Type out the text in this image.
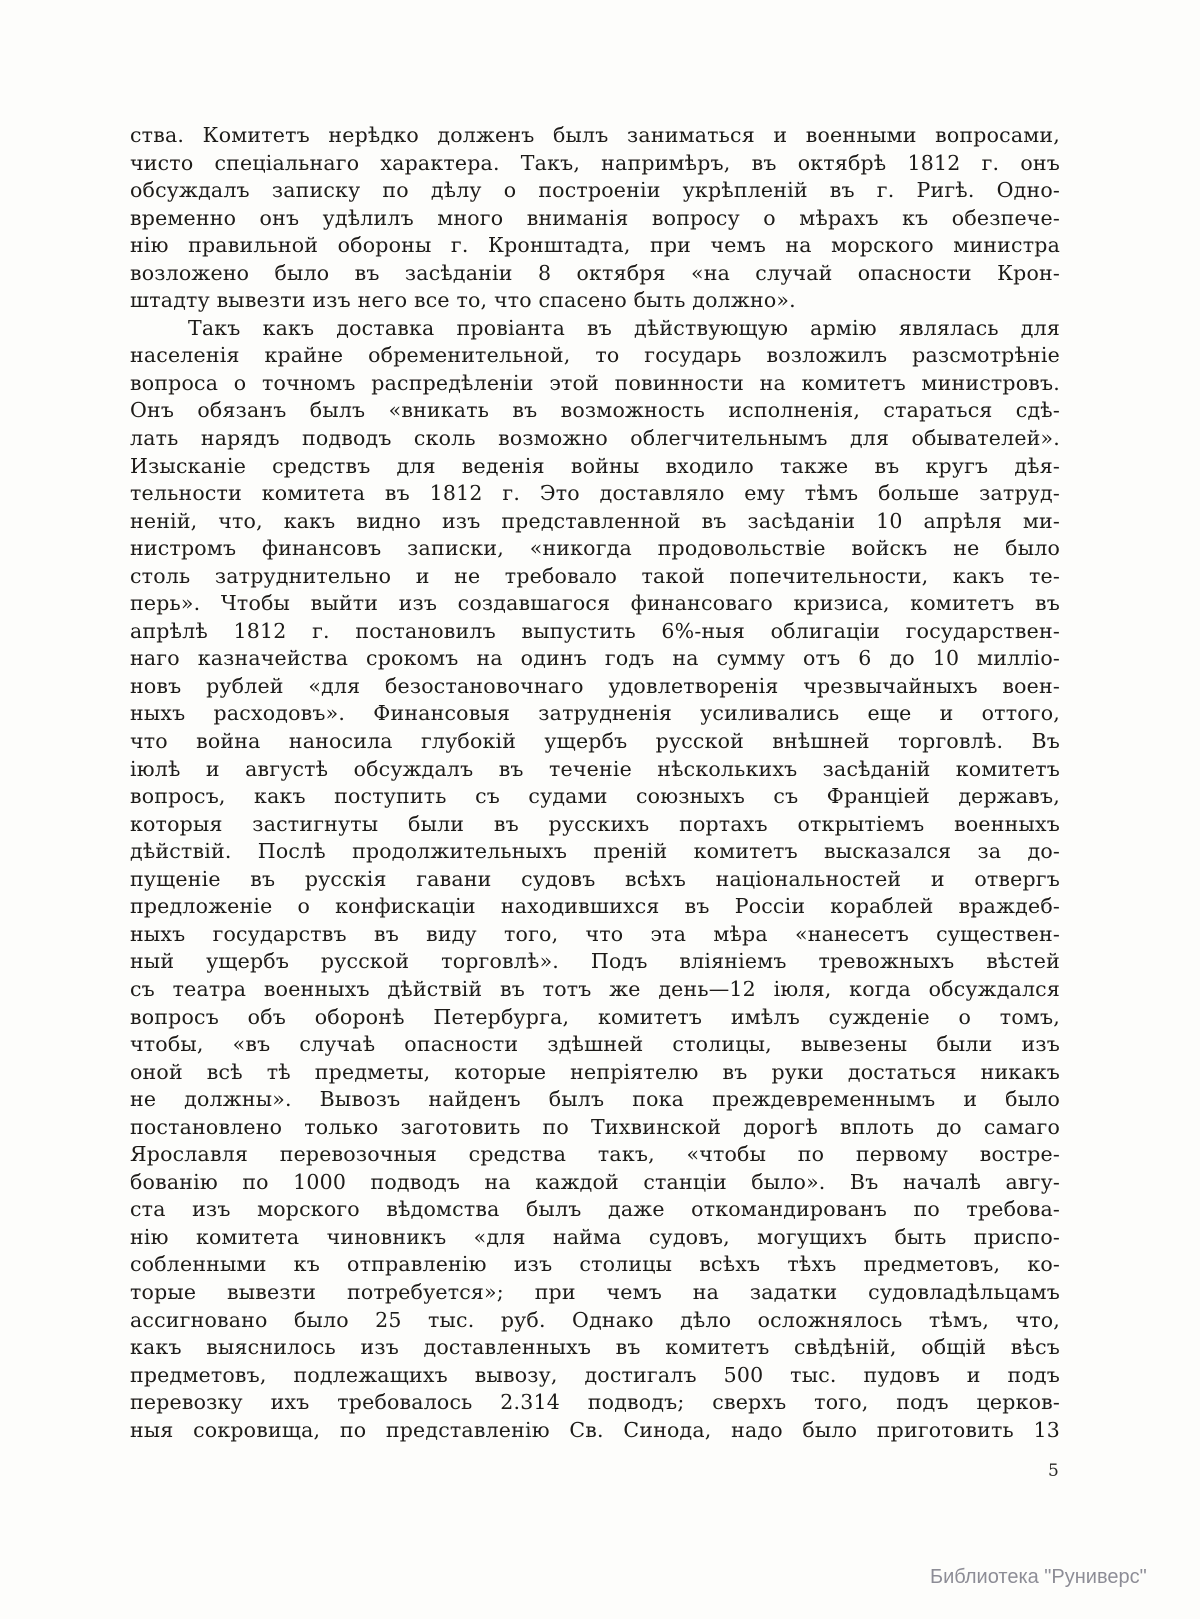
ства. Комитетъ нерѣдко долженъ былъ заниматься и военными вопросами,
чисто спеціальнаго характера. Такъ, напримѣръ, въ октябрѣ 1812 г. онъ
обсуждалъ записку по дѣлу о построеніи укрѣпленій въ г. Ригѣ. Одно-
временно онъ удѣлилъ много вниманія вопросу о мѣрахъ къ обезпече-
нію правильной обороны г. Кронштадта, при чемъ на морского министра
возложено было въ засѣданіи 8 октября «на случай опасности Крон-
штадту вывезти изъ него все то, что спасено быть должно».
Такъ какъ доставка провіанта въ дѣйствующую армію являлась для
населенія крайне обременительной, то государь возложилъ разсмотрѣніе
вопроса о точномъ распредѣленіи этой повинности на комитетъ министровъ.
Онъ обязанъ былъ «вникать въ возможность исполненія, стараться сдѣ-
лать нарядъ подводъ сколь возможно облегчительнымъ для обывателей».
Изысканіе средствъ для веденія войны входило также въ кругъ дѣя-
тельности комитета въ 1812 г. Это доставляло ему тѣмъ больше затруд-
неній, что, какъ видно изъ представленной въ засѣданіи 10 апрѣля ми-
нистромъ финансовъ записки, «никогда продовольствіе войскъ не было
столь затруднительно и не требовало такой попечительности, какъ те-
перь». Чтобы выйти изъ создавшагося финансоваго кризиса, комитетъ въ
апрѣлѣ 1812 г. постановилъ выпустить 6%-ныя облигаціи государствен-
наго казначейства срокомъ на одинъ годъ на сумму отъ 6 до 10 милліо-
новъ рублей «для безостановочнаго удовлетворенія чрезвычайныхъ воен-
ныхъ расходовъ». Финансовыя затрудненія усиливались еще и оттого,
что война наносила глубокій ущербъ русской внѣшней торговлѣ. Въ
іюлѣ и августѣ обсуждалъ въ теченіе нѣсколькихъ засѣданій комитетъ
вопросъ, какъ поступить съ судами союзныхъ съ Франціей державъ,
которыя застигнуты были въ русскихъ портахъ открытіемъ военныхъ
дѣйствій. Послѣ продолжительныхъ преній комитетъ высказался за до-
пущеніе въ русскія гавани судовъ всѣхъ національностей и отвергъ
предложеніе о конфискаціи находившихся въ Россіи кораблей враждеб-
ныхъ государствъ въ виду того, что эта мѣра «нанесетъ существен-
ный ущербъ русской торговлѣ». Подъ вліяніемъ тревожныхъ вѣстей
съ театра военныхъ дѣйствій въ тотъ же день—12 іюля, когда обсуждался
вопросъ объ оборонѣ Петербурга, комитетъ имѣлъ сужденіе о томъ,
чтобы, «въ случаѣ опасности здѣшней столицы, вывезены были изъ
оной всѣ тѣ предметы, которые непріятелю въ руки достаться никакъ
не должны». Вывозъ найденъ былъ пока преждевременнымъ и было
постановлено только заготовить по Тихвинской дорогѣ вплоть до самаго
Ярославля перевозочныя средства такъ, «чтобы по первому востре-
бованію по 1000 подводъ на каждой станціи было». Въ началѣ авгу-
ста изъ морского вѣдомства былъ даже откомандированъ по требова-
нію комитета чиновникъ «для найма судовъ, могущихъ быть приспо-
собленными къ отправленію изъ столицы всѣхъ тѣхъ предметовъ, ко-
торые вывезти потребуется»; при чемъ на задатки судовладѣльцамъ
ассигновано было 25 тыс. руб. Однако дѣло осложнялось тѣмъ, что,
какъ выяснилось изъ доставленныхъ въ комитетъ свѣдѣній, общій вѣсъ
предметовъ, подлежащихъ вывозу, достигалъ 500 тыс. пудовъ и подъ
перевозку ихъ требовалось 2.314 подводъ; сверхъ того, подъ церков-
ныя сокровища, по представленію Св. Синода, надо было приготовить 13
5
Библиотека "Руниверс"
